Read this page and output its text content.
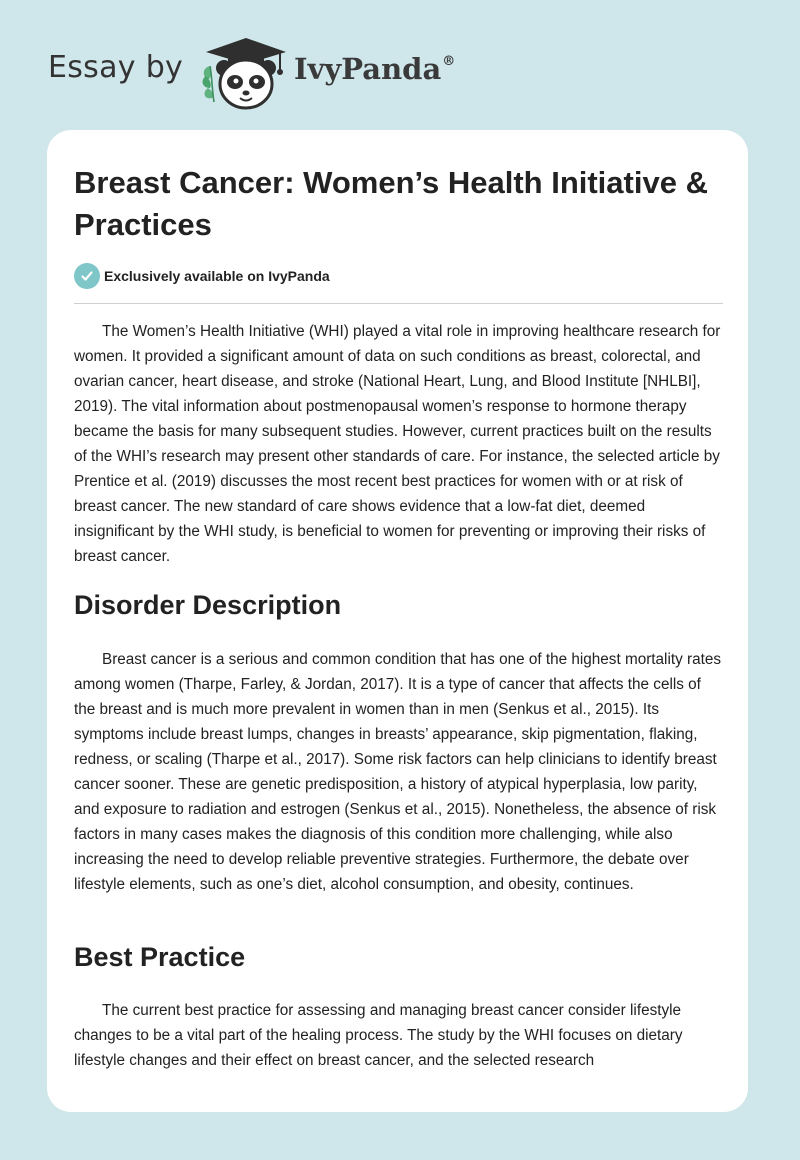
Essay by	IvyPanda®
Breast Cancer: Women’s Health Initiative & Practices
Exclusively available on IvyPanda

The Women’s Health Initiative (WHI) played a vital role in improving healthcare research for women. It provided a significant amount of data on such conditions as breast, colorectal, and ovarian cancer, heart disease, and stroke (National Heart, Lung, and Blood Institute [NHLBI], 2019). The vital information about postmenopausal women’s response to hormone therapy became the basis for many subsequent studies. However, current practices built on the results of the WHI’s research may present other standards of care. For instance, the selected article by Prentice et al. (2019) discusses the most recent best practices for women with or at risk of breast cancer. The new standard of care shows evidence that a low-fat diet, deemed insignificant by the WHI study, is beneficial to women for preventing or improving their risks of breast cancer.

Disorder Description

Breast cancer is a serious and common condition that has one of the highest mortality rates among women (Tharpe, Farley, & Jordan, 2017). It is a type of cancer that affects the cells of the breast and is much more prevalent in women than in men (Senkus et al., 2015). Its symptoms include breast lumps, changes in breasts’ appearance, skip pigmentation, flaking, redness, or scaling (Tharpe et al., 2017). Some risk factors can help clinicians to identify breast cancer sooner. These are genetic predisposition, a history of atypical hyperplasia, low parity, and exposure to radiation and estrogen (Senkus et al., 2015). Nonetheless, the absence of risk factors in many cases makes the diagnosis of this condition more challenging, while also increasing the need to develop reliable preventive strategies. Furthermore, the debate over lifestyle elements, such as one’s diet, alcohol consumption, and obesity, continues.

Best Practice

The current best practice for assessing and managing breast cancer consider lifestyle changes to be a vital part of the healing process. The study by the WHI focuses on dietary lifestyle changes and their effect on breast cancer, and the selected research
